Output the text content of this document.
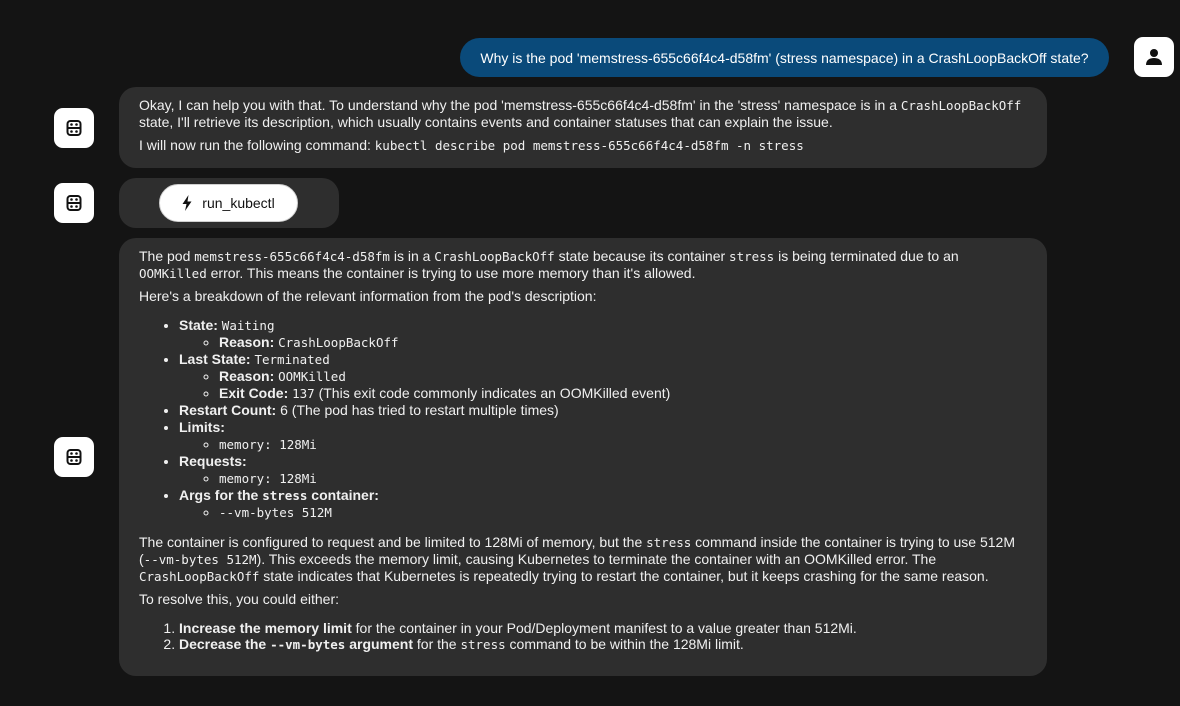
Why is the pod 'memstress-655c66f4c4-d58fm' (stress namespace) in a CrashLoopBackOff state?

Okay, I can help you with that. To understand why the pod 'memstress-655c66f4c4-d58fm' in the 'stress' namespace is in a CrashLoopBackOff state, I'll retrieve its description, which usually contains events and container statuses that can explain the issue.

I will now run the following command: kubectl describe pod memstress-655c66f4c4-d58fm -n stress

run_kubectl

The pod memstress-655c66f4c4-d58fm is in a CrashLoopBackOff state because its container stress is being terminated due to an OOMKilled error. This means the container is trying to use more memory than it's allowed.

Here's a breakdown of the relevant information from the pod's description:

• State: Waiting
◦ Reason: CrashLoopBackOff
• Last State: Terminated
◦ Reason: OOMKilled
◦ Exit Code: 137 (This exit code commonly indicates an OOMKilled event)
• Restart Count: 6 (The pod has tried to restart multiple times)
• Limits:
◦ memory: 128Mi
• Requests:
◦ memory: 128Mi
• Args for the stress container:
◦ --vm-bytes 512M

The container is configured to request and be limited to 128Mi of memory, but the stress command inside the container is trying to use 512M (--vm-bytes 512M). This exceeds the memory limit, causing Kubernetes to terminate the container with an OOMKilled error. The CrashLoopBackOff state indicates that Kubernetes is repeatedly trying to restart the container, but it keeps crashing for the same reason.

To resolve this, you could either:

1. Increase the memory limit for the container in your Pod/Deployment manifest to a value greater than 512Mi.
2. Decrease the --vm-bytes argument for the stress command to be within the 128Mi limit.
